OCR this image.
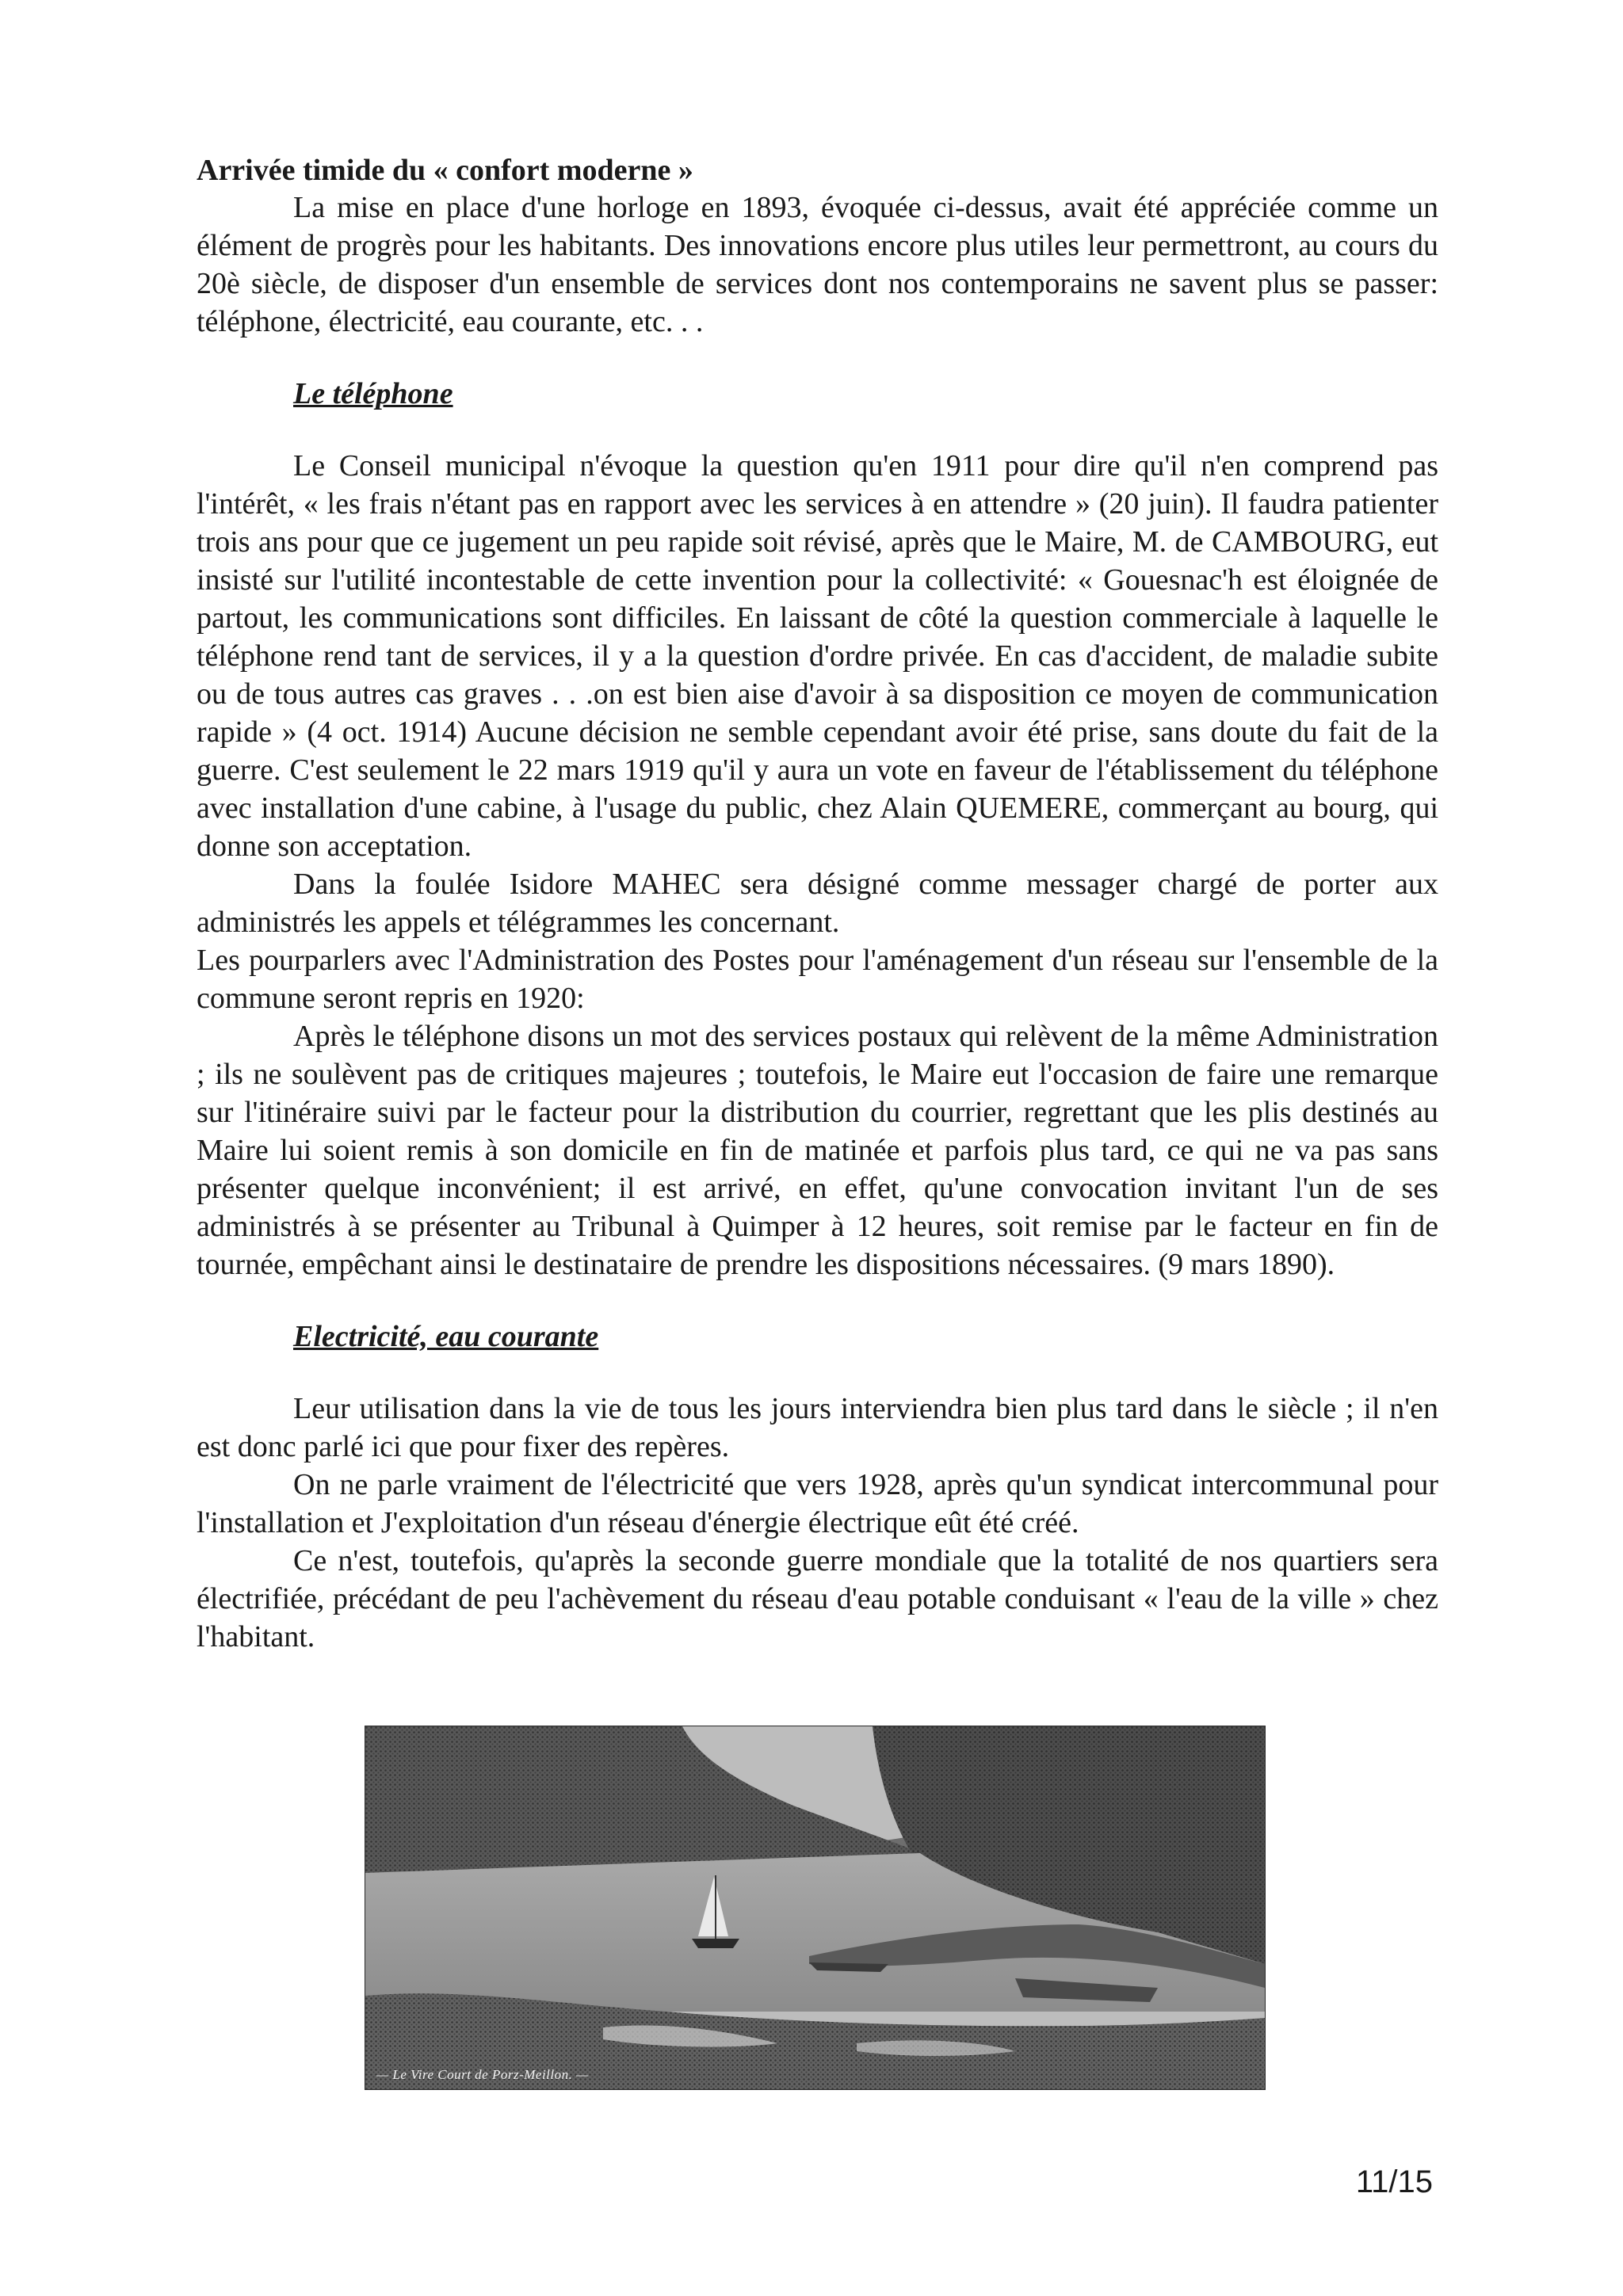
Arrivée timide du « confort moderne »

La mise en place d'une horloge en 1893, évoquée ci-dessus, avait été appréciée comme un élément de progrès pour les habitants. Des innovations encore plus utiles leur permettront, au cours du 20è siècle, de disposer d'un ensemble de services dont nos contemporains ne savent plus se passer: téléphone, électricité, eau courante, etc. . .

Le téléphone

Le Conseil municipal n'évoque la question qu'en 1911 pour dire qu'il n'en comprend pas l'intérêt, « les frais n'étant pas en rapport avec les services à en attendre » (20 juin). Il faudra patienter trois ans pour que ce jugement un peu rapide soit révisé, après que le Maire, M. de CAMBOURG, eut insisté sur l'utilité incontestable de cette invention pour la collectivité: « Gouesnac'h est éloignée de partout, les communications sont difficiles. En laissant de côté la question commerciale à laquelle le téléphone rend tant de services, il y a la question d'ordre privée. En cas d'accident, de maladie subite ou de tous autres cas graves . . .on est bien aise d'avoir à sa disposition ce moyen de communication rapide » (4 oct. 1914) Aucune décision ne semble cependant avoir été prise, sans doute du fait de la guerre. C'est seulement le 22 mars 1919 qu'il y aura un vote en faveur de l'établissement du téléphone avec installation d'une cabine, à l'usage du public, chez Alain QUEMERE, commerçant au bourg, qui donne son acceptation.

Dans la foulée Isidore MAHEC sera désigné comme messager chargé de porter aux administrés les appels et télégrammes les concernant.

Les pourparlers avec l'Administration des Postes pour l'aménagement d'un réseau sur l'ensemble de la commune seront repris en 1920:

Après le téléphone disons un mot des services postaux qui relèvent de la même Administration ; ils ne soulèvent pas de critiques majeures ; toutefois, le Maire eut l'occasion de faire une remarque sur l'itinéraire suivi par le facteur pour la distribution du courrier, regrettant que les plis destinés au Maire lui soient remis à son domicile en fin de matinée et parfois plus tard, ce qui ne va pas sans présenter quelque inconvénient; il est arrivé, en effet, qu'une convocation invitant l'un de ses administrés à se présenter au Tribunal à Quimper à 12 heures, soit remise par le facteur en fin de tournée, empêchant ainsi le destinataire de prendre les dispositions nécessaires. (9 mars 1890).

Electricité, eau courante

Leur utilisation dans la vie de tous les jours interviendra bien plus tard dans le siècle ; il n'en est donc parlé ici que pour fixer des repères.

On ne parle vraiment de l'électricité que vers 1928, après qu'un syndicat intercommunal pour l'installation et J'exploitation d'un réseau d'énergie électrique eût été créé.

Ce n'est, toutefois, qu'après la seconde guerre mondiale que la totalité de nos quartiers sera électrifiée, précédant de peu l'achèvement du réseau d'eau potable conduisant « l'eau de la ville » chez l'habitant.

— Le Vire Court de Porz-Meillon. —
11/15
